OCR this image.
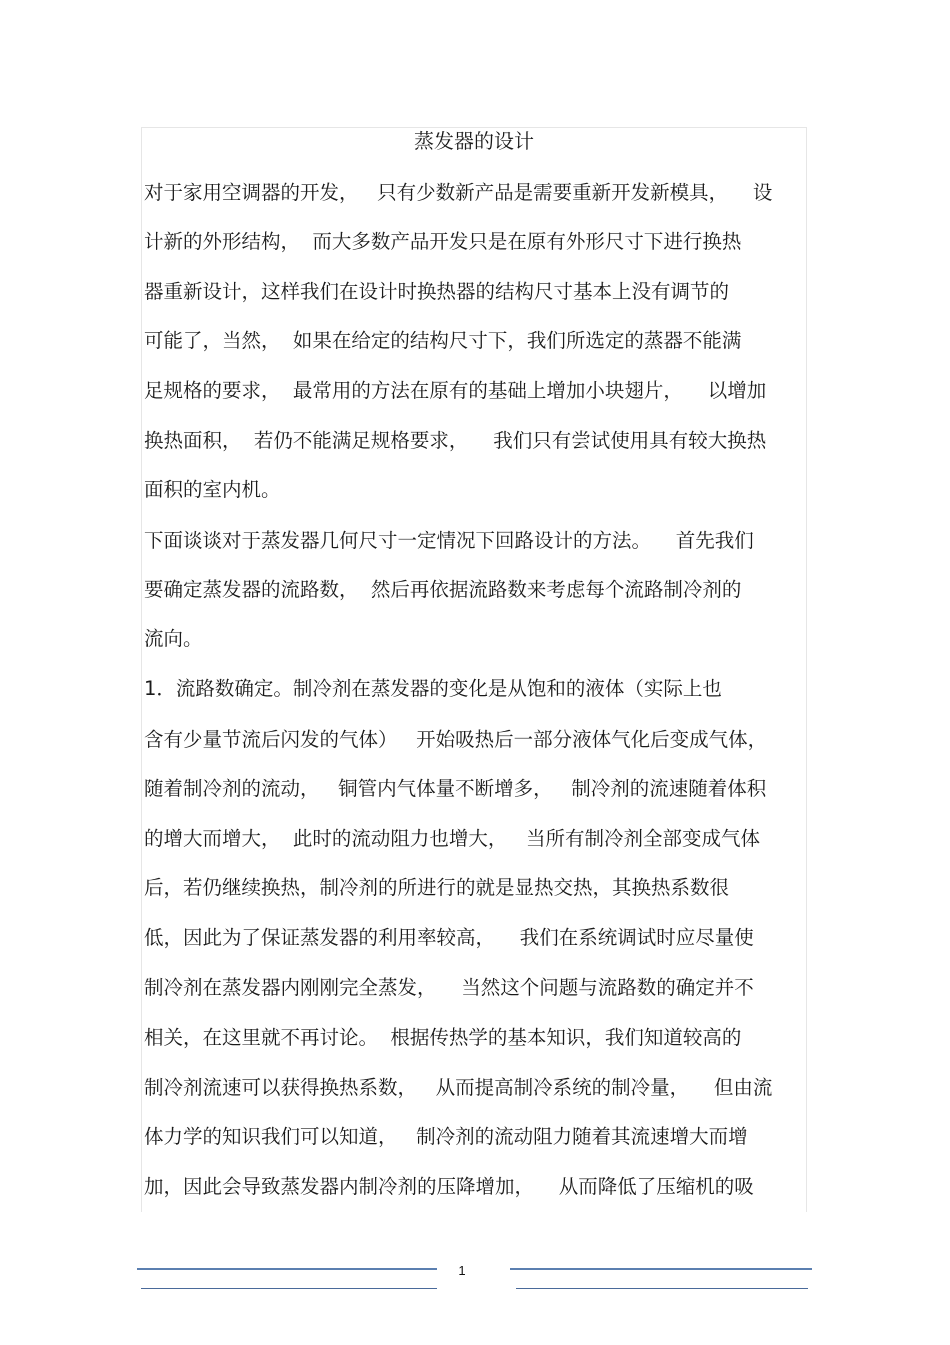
蒸发器的设计

对于家用空调器的开发，   只有少数新产品是需要重新开发新模具，    设

计新的外形结构，  而大多数产品开发只是在原有外形尺寸下进行换热

器重新设计，这样我们在设计时换热器的结构尺寸基本上没有调节的

可能了，当然，  如果在给定的结构尺寸下，我们所选定的蒸器不能满

足规格的要求，  最常用的方法在原有的基础上增加小块翅片，    以增加

换热面积，  若仍不能满足规格要求，    我们只有尝试使用具有较大换热

面积的室内机。

下面谈谈对于蒸发器几何尺寸一定情况下回路设计的方法。    首先我们

要确定蒸发器的流路数，  然后再依据流路数来考虑每个流路制冷剂的

流向。

1．流路数确定。制冷剂在蒸发器的变化是从饱和的液体（实际上也

含有少量节流后闪发的气体）   开始吸热后一部分液体气化后变成气体，

随着制冷剂的流动，   铜管内气体量不断增多，   制冷剂的流速随着体积

的增大而增大，  此时的流动阻力也增大，   当所有制冷剂全部变成气体

后，若仍继续换热，制冷剂的所进行的就是显热交热，其换热系数很

低，因此为了保证蒸发器的利用率较高，    我们在系统调试时应尽量使

制冷剂在蒸发器内刚刚完全蒸发，    当然这个问题与流路数的确定并不

相关，在这里就不再讨论。  根据传热学的基本知识，我们知道较高的

制冷剂流速可以获得换热系数，   从而提高制冷系统的制冷量，    但由流

体力学的知识我们可以知道，   制冷剂的流动阻力随着其流速增大而增

加，因此会导致蒸发器内制冷剂的压降增加，    从而降低了压缩机的吸

1
